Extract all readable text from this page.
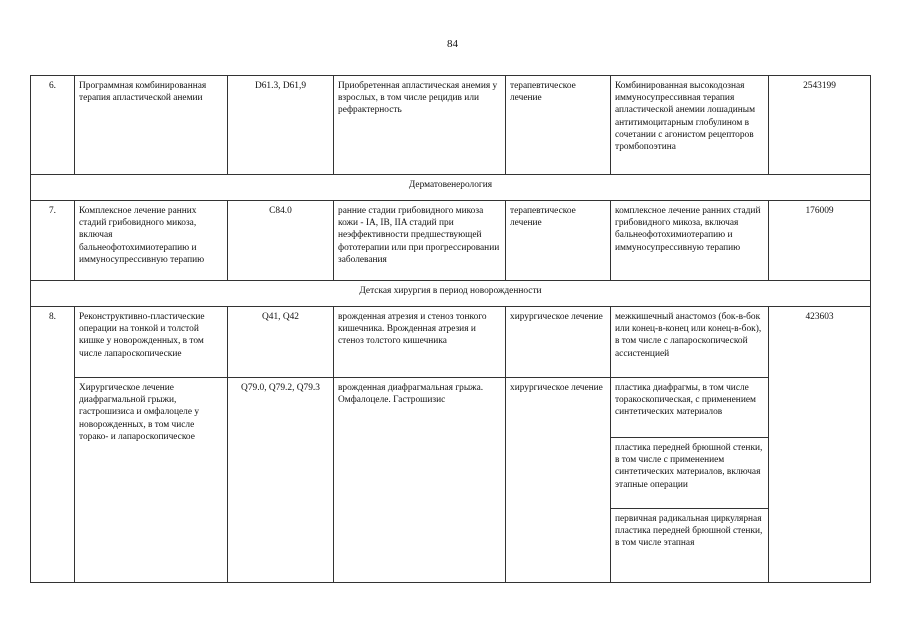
84
6.	Программная комбинированная терапия апластической анемии	D61.3, D61,9	Приобретенная апластическая анемия у взрослых, в том числе рецидив или рефрактерность	терапевтическое лечение	Комбинированная высокодозная иммуносупрессивная терапия апластической анемии лошадиным антитимоцитарным глобулином в сочетании с агонистом рецепторов тромбопоэтина	2543199
Дерматовенерология						
7.	Комплексное лечение ранних стадий грибовидного микоза, включая бальнеофотохимиотерапию и иммуносупрессивную терапию	C84.0	ранние стадии грибовидного микоза кожи - IA, IB, IIA стадий при неэффективности предшествующей фототерапии или при прогрессировании заболевания	терапевтическое лечение	комплексное лечение ранних стадий грибовидного микоза, включая бальнеофотохимиотерапию и иммуносупрессивную терапию	176009
Детская хирургия в период новорожденности						
8.	Реконструктивно-пластические операции на тонкой и толстой кишке у новорожденных, в том числе лапароскопические	Q41, Q42	врожденная атрезия и стеноз тонкого кишечника. Врожденная атрезия и стеноз толстого кишечника	хирургическое лечение	межкишечный анастомоз (бок-в-бок или конец-в-конец или конец-в-бок), в том числе с лапароскопической ассистенцией	423603
	Хирургическое лечение диафрагмальной грыжи, гастрошизиса и омфалоцеле у новорожденных, в том числе торако- и лапароскопическое	Q79.0, Q79.2, Q79.3	врожденная диафрагмальная грыжа. Омфалоцеле. Гастрошизис	хирургическое лечение	пластика диафрагмы, в том числе торакоскопическая, с применением синтетических материалов
пластика передней брюшной стенки, в том числе с применением синтетических материалов, включая этапные операции
первичная радикальная циркулярная пластика передней брюшной стенки, в том числе этапная	
